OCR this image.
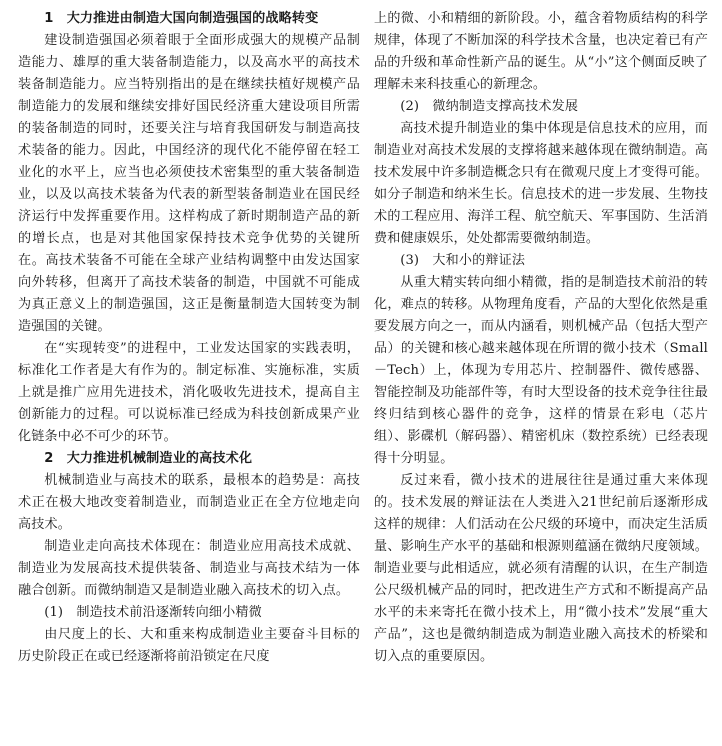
1　大力推进由制造大国向制造强国的战略转变

建设制造强国必须着眼于全面形成强大的规模产品制造能力、雄厚的重大装备制造能力，以及高水平的高技术装备制造能力。应当特别指出的是在继续扶植好规模产品制造能力的发展和继续安排好国民经济重大建设项目所需的装备制造的同时，还要关注与培育我国研发与制造高技术装备的能力。因此，中国经济的现代化不能停留在轻工业化的水平上，应当也必须使技术密集型的重大装备制造业，以及以高技术装备为代表的新型装备制造业在国民经济运行中发挥重要作用。这样构成了新时期制造产品的新的增长点，也是对其他国家保持技术竞争优势的关键所在。高技术装备不可能在全球产业结构调整中由发达国家向外转移，但离开了高技术装备的制造，中国就不可能成为真正意义上的制造强国，这正是衡量制造大国转变为制造强国的关键。

在“实现转变”的进程中，工业发达国家的实践表明，标准化工作者是大有作为的。制定标准、实施标准，实质上就是推广应用先进技术，消化吸收先进技术，提高自主创新能力的过程。可以说标准已经成为科技创新成果产业化链条中必不可少的环节。

2　大力推进机械制造业的高技术化

机械制造业与高技术的联系，最根本的趋势是：高技术正在极大地改变着制造业，而制造业正在全方位地走向高技术。

制造业走向高技术体现在：制造业应用高技术成就、制造业为发展高技术提供装备、制造业与高技术结为一体融合创新。而微纳制造又是制造业融入高技术的切入点。

(1)　制造技术前沿逐渐转向细小精微

由尺度上的长、大和重来构成制造业主要奋斗目标的历史阶段正在或已经逐渐将前沿锁定在尺度

上的微、小和精细的新阶段。小，蕴含着物质结构的科学规律，体现了不断加深的科学技术含量，也决定着已有产品的升级和革命性新产品的诞生。从“小”这个侧面反映了理解未来科技重心的新理念。

(2)　微纳制造支撑高技术发展

高技术提升制造业的集中体现是信息技术的应用，而制造业对高技术发展的支撑将越来越体现在微纳制造。高技术发展中许多制造概念只有在微观尺度上才变得可能。如分子制造和纳米生长。信息技术的进一步发展、生物技术的工程应用、海洋工程、航空航天、军事国防、生活消费和健康娱乐，处处都需要微纳制造。

(3)　大和小的辩证法

从重大精实转向细小精微，指的是制造技术前沿的转化，难点的转移。从物理角度看，产品的大型化依然是重要发展方向之一，而从内涵看，则机械产品（包括大型产品）的关键和核心越来越体现在所谓的微小技术（Small－Tech）上，体现为专用芯片、控制器件、微传感器、智能控制及功能部件等，有时大型设备的技术竞争往往最终归结到核心器件的竞争，这样的情景在彩电（芯片组）、影碟机（解码器）、精密机床（数控系统）已经表现得十分明显。

反过来看，微小技术的进展往往是通过重大来体现的。技术发展的辩证法在人类进入21世纪前后逐渐形成这样的规律：人们活动在公尺级的环境中，而决定生活质量、影响生产水平的基础和根源则蕴涵在微纳尺度领域。制造业要与此相适应，就必须有清醒的认识，在生产制造公尺级机械产品的同时，把改进生产方式和不断提高产品水平的未来寄托在微小技术上，用“微小技术”发展“重大产品”，这也是微纳制造成为制造业融入高技术的桥梁和切入点的重要原因。
